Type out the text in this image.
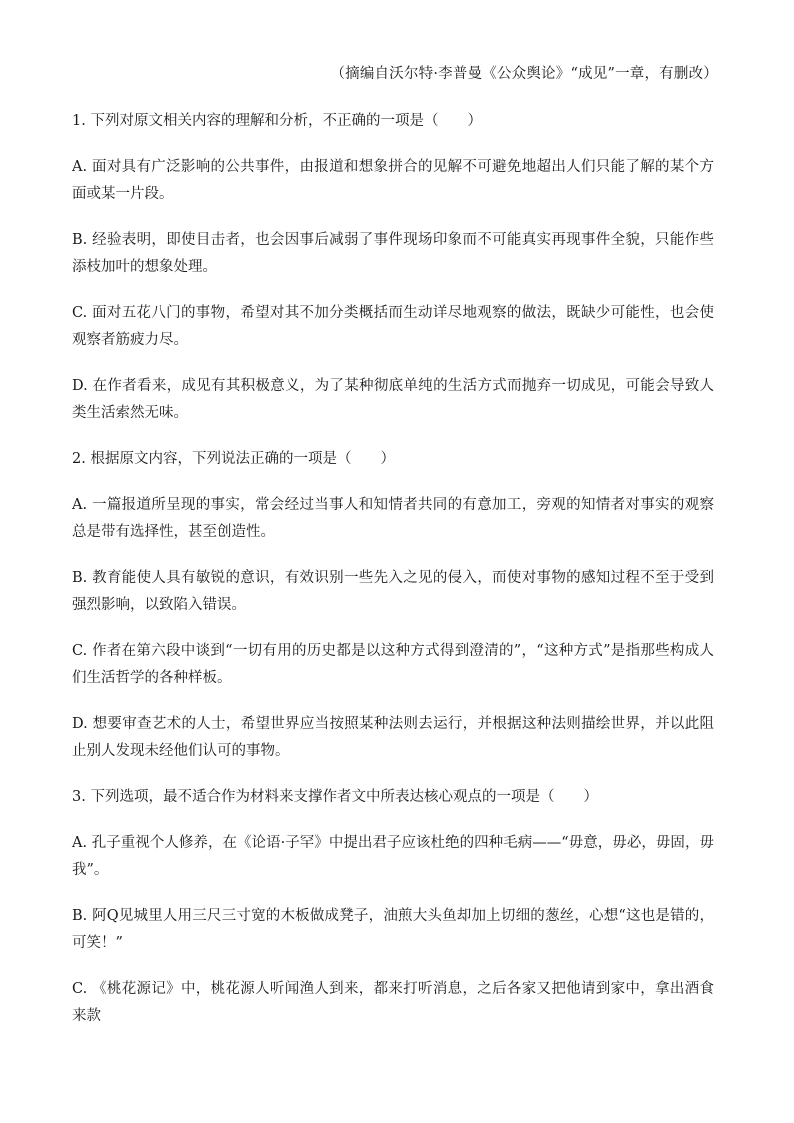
（摘编自沃尔特·李普曼《公众舆论》“成见”一章，有删改）
1. 下列对原文相关内容的理解和分析，不正确的一项是（　　）
A. 面对具有广泛影响的公共事件，由报道和想象拼合的见解不可避免地超出人们只能了解的某个方面或某一片段。
B. 经验表明，即使目击者，也会因事后减弱了事件现场印象而不可能真实再现事件全貌，只能作些添枝加叶的想象处理。
C. 面对五花八门的事物，希望对其不加分类概括而生动详尽地观察的做法，既缺少可能性，也会使观察者筋疲力尽。
D. 在作者看来，成见有其积极意义，为了某种彻底单纯的生活方式而抛弃一切成见，可能会导致人类生活索然无味。
2. 根据原文内容，下列说法正确的一项是（　　）
A. 一篇报道所呈现的事实，常会经过当事人和知情者共同的有意加工，旁观的知情者对事实的观察总是带有选择性，甚至创造性。
B. 教育能使人具有敏锐的意识，有效识别一些先入之见的侵入，而使对事物的感知过程不至于受到强烈影响，以致陷入错误。
C. 作者在第六段中谈到“一切有用的历史都是以这种方式得到澄清的”，“这种方式”是指那些构成人们生活哲学的各种样板。
D. 想要审查艺术的人士，希望世界应当按照某种法则去运行，并根据这种法则描绘世界，并以此阻止别人发现未经他们认可的事物。
3. 下列选项，最不适合作为材料来支撑作者文中所表达核心观点的一项是（　　）
A. 孔子重视个人修养，在《论语·子罕》中提出君子应该杜绝的四种毛病——“毋意，毋必，毋固，毋我”。
B. 阿Q见城里人用三尺三寸宽的木板做成凳子，油煎大头鱼却加上切细的葱丝，心想“这也是错的，可笑！”
C. 《桃花源记》中，桃花源人听闻渔人到来，都来打听消息，之后各家又把他请到家中，拿出酒食来款
